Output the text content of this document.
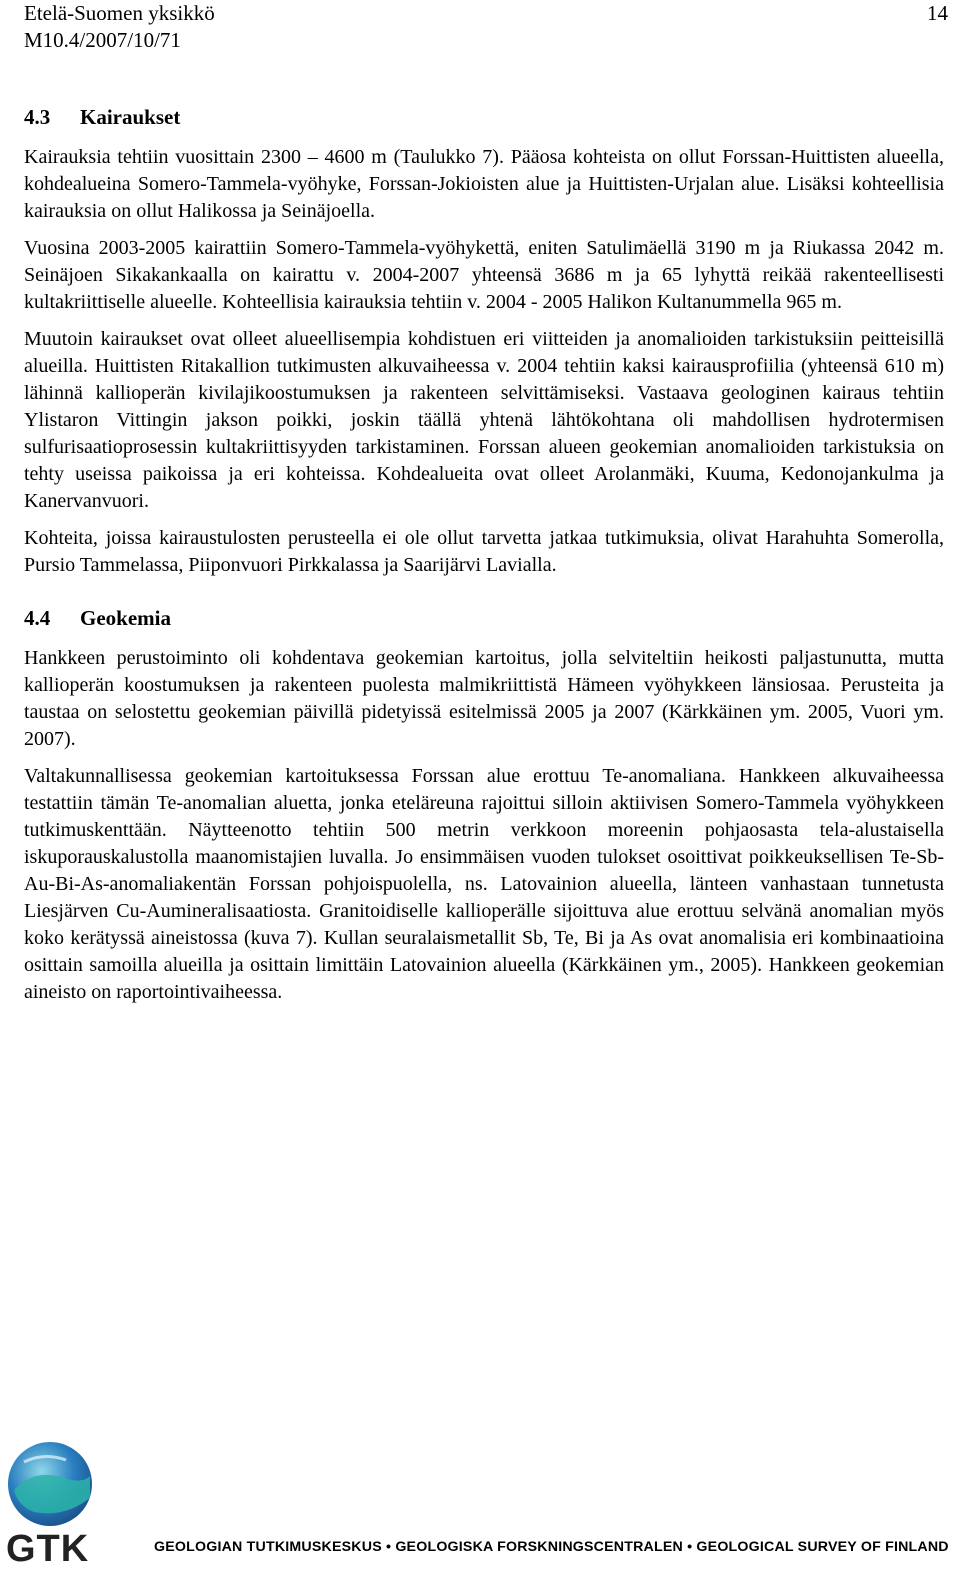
Etelä-Suomen yksikkö
M10.4/2007/10/71
14
4.3	Kairaukset

Kairauksia tehtiin vuosittain 2300 – 4600 m (Taulukko 7). Pääosa kohteista on ollut Forssan-Huittisten alueella, kohdealueina Somero-Tammela-vyöhyke, Forssan-Jokioisten alue ja Huittisten-Urjalan alue. Lisäksi kohteellisia kairauksia on ollut Halikossa ja Seinäjoella.

Vuosina 2003-2005 kairattiin Somero-Tammela-vyöhykettä, eniten Satulimäellä 3190 m ja Riukassa 2042 m. Seinäjoen Sikakankaalla on kairattu v. 2004-2007 yhteensä 3686 m ja 65 lyhyttä reikää rakenteellisesti kultakriittiselle alueelle. Kohteellisia kairauksia tehtiin v. 2004 - 2005 Halikon Kultanummella 965 m.

Muutoin kairaukset ovat olleet alueellisempia kohdistuen eri viitteiden ja anomalioiden tarkistuksiin peitteisillä alueilla. Huittisten Ritakallion tutkimusten alkuvaiheessa v. 2004 tehtiin kaksi kairausprofiilia (yhteensä 610 m) lähinnä kallioperän kivilajikoostumuksen ja rakenteen selvittämiseksi. Vastaava geologinen kairaus tehtiin Ylistaron Vittingin jakson poikki, joskin täällä yhtenä lähtökohtana oli mahdollisen hydrotermisen sulfurisaatioprosessin kultakriittisyyden tarkistaminen. Forssan alueen geokemian anomalioiden tarkistuksia on tehty useissa paikoissa ja eri kohteissa. Kohdealueita ovat olleet Arolanmäki, Kuuma, Kedonojankulma ja Kanervanvuori.

Kohteita, joissa kairaustulosten perusteella ei ole ollut tarvetta jatkaa tutkimuksia, olivat Harahuhta Somerolla, Pursio Tammelassa, Piiponvuori Pirkkalassa ja Saarijärvi Lavialla.

4.4	Geokemia

Hankkeen perustoiminto oli kohdentava geokemian kartoitus, jolla selviteltiin heikosti paljastunutta, mutta kallioperän koostumuksen ja rakenteen puolesta malmikriittistä Hämeen vyöhykkeen länsiosaa. Perusteita ja taustaa on selostettu geokemian päivillä pidetyissä esitelmissä 2005 ja 2007 (Kärkkäinen ym. 2005, Vuori ym. 2007).

Valtakunnallisessa geokemian kartoituksessa Forssan alue erottuu Te-anomaliana. Hankkeen alkuvaiheessa testattiin tämän Te-anomalian aluetta, jonka eteläreuna rajoittui silloin aktiivisen Somero-Tammela vyöhykkeen tutkimuskenttään. Näytteenotto tehtiin 500 metrin verkkoon moreenin pohjaosasta tela-alustaisella iskuporauskalustolla maanomistajien luvalla. Jo ensimmäisen vuoden tulokset osoittivat poikkeuksellisen Te-Sb-Au-Bi-As-anomaliakentän Forssan pohjoispuolella, ns. Latovainion alueella, länteen vanhastaan tunnetusta Liesjärven Cu-Aumineralisaatiosta. Granitoidiselle kallioperälle sijoittuva alue erottuu selvänä anomalian myös koko kerätyssä aineistossa (kuva 7). Kullan seuralaismetallit Sb, Te, Bi ja As ovat anomalisia eri kombinaatioina osittain samoilla alueilla ja osittain limittäin Latovainion alueella (Kärkkäinen ym., 2005). Hankkeen geokemian aineisto on raportointivaiheessa.

GTK	GEOLOGIAN TUTKIMUSKESKUS • GEOLOGISKA FORSKNINGSCENTRALEN • GEOLOGICAL SURVEY OF FINLAND
